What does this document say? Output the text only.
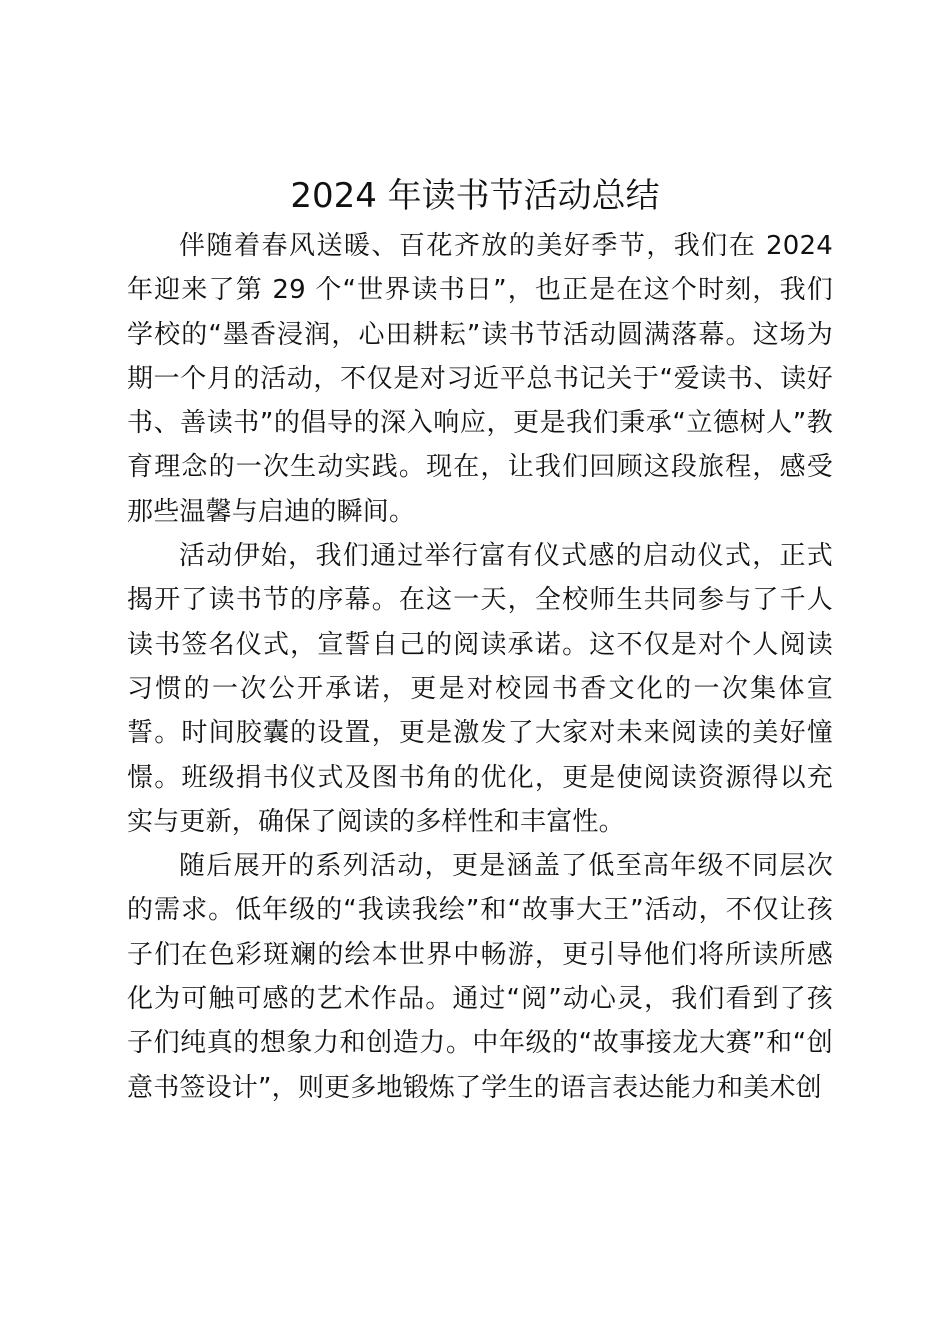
2024 年读书节活动总结

伴随着春风送暖、百花齐放的美好季节，我们在 2024 年迎来了第 29 个“世界读书日”，也正是在这个时刻，我们学校的“墨香浸润，心田耕耘”读书节活动圆满落幕。这场为期一个月的活动，不仅是对习近平总书记关于“爱读书、读好书、善读书”的倡导的深入响应，更是我们秉承“立德树人”教育理念的一次生动实践。现在，让我们回顾这段旅程，感受那些温馨与启迪的瞬间。

活动伊始，我们通过举行富有仪式感的启动仪式，正式揭开了读书节的序幕。在这一天，全校师生共同参与了千人读书签名仪式，宣誓自己的阅读承诺。这不仅是对个人阅读习惯的一次公开承诺，更是对校园书香文化的一次集体宣誓。时间胶囊的设置，更是激发了大家对未来阅读的美好憧憬。班级捐书仪式及图书角的优化，更是使阅读资源得以充实与更新，确保了阅读的多样性和丰富性。

随后展开的系列活动，更是涵盖了低至高年级不同层次的需求。低年级的“我读我绘”和“故事大王”活动，不仅让孩子们在色彩斑斓的绘本世界中畅游，更引导他们将所读所感化为可触可感的艺术作品。通过“阅”动心灵，我们看到了孩子们纯真的想象力和创造力。中年级的“故事接龙大赛”和“创意书签设计”，则更多地锻炼了学生的语言表达能力和美术创
